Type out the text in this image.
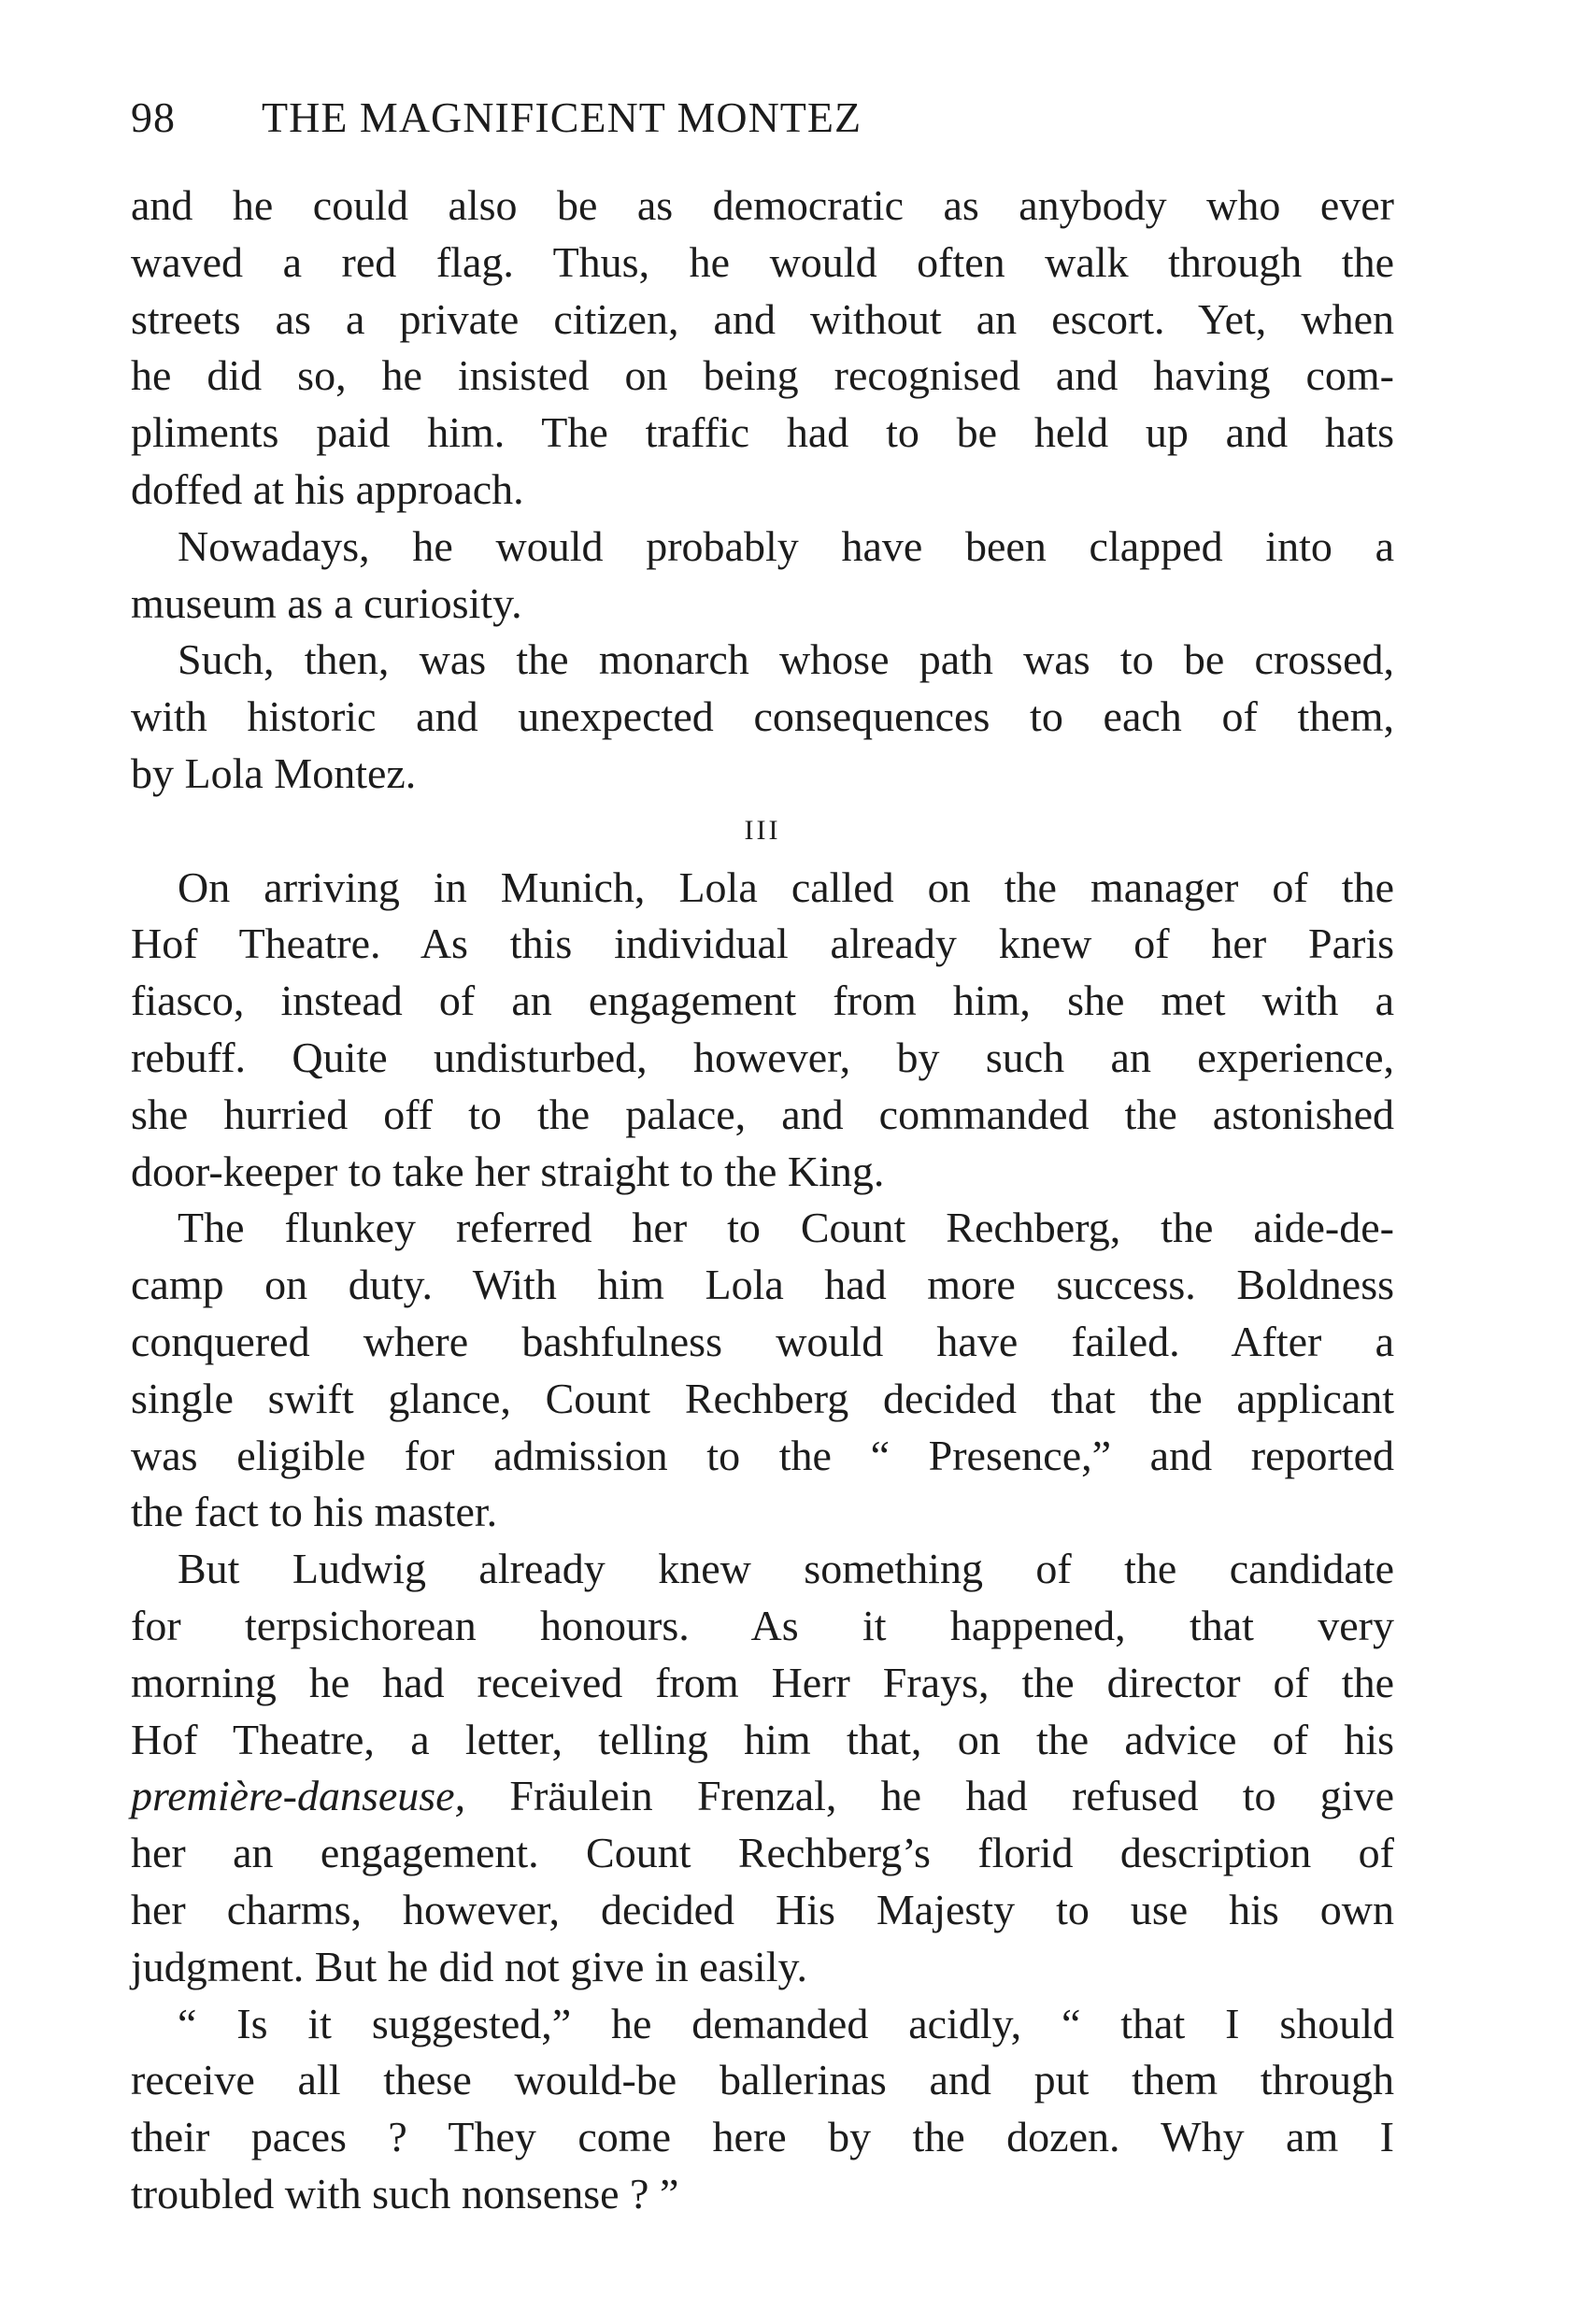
98 THE MAGNIFICENT MONTEZ

and he could also be as democratic as anybody who ever
waved a red flag. Thus, he would often walk through the
streets as a private citizen, and without an escort. Yet, when
he did so, he insisted on being recognised and having com-
pliments paid him. The traffic had to be held up and hats
doffed at his approach.

Nowadays, he would probably have been clapped into a
museum as a curiosity.

Such, then, was the monarch whose path was to be crossed,
with historic and unexpected consequences to each of them,
by Lola Montez.

III

On arriving in Munich, Lola called on the manager of the
Hof Theatre. As this individual already knew of her Paris
fiasco, instead of an engagement from him, she met with a
rebuff. Quite undisturbed, however, by such an experience,
she hurried off to the palace, and commanded the astonished
door-keeper to take her straight to the King.

The flunkey referred her to Count Rechberg, the aide-de-
camp on duty. With him Lola had more success. Boldness
conquered where bashfulness would have failed. After a
single swift glance, Count Rechberg decided that the applicant
was eligible for admission to the “ Presence,” and reported
the fact to his master.

But Ludwig already knew something of the candidate
for terpsichorean honours. As it happened, that very
morning he had received from Herr Frays, the director of the
Hof Theatre, a letter, telling him that, on the advice of his
première-danseuse, Fräulein Frenzal, he had refused to give
her an engagement. Count Rechberg’s florid description of
her charms, however, decided His Majesty to use his own
judgment. But he did not give in easily.

“ Is it suggested,” he demanded acidly, “ that I should
receive all these would-be ballerinas and put them through
their paces ? They come here by the dozen. Why am I
troubled with such nonsense ? ”
